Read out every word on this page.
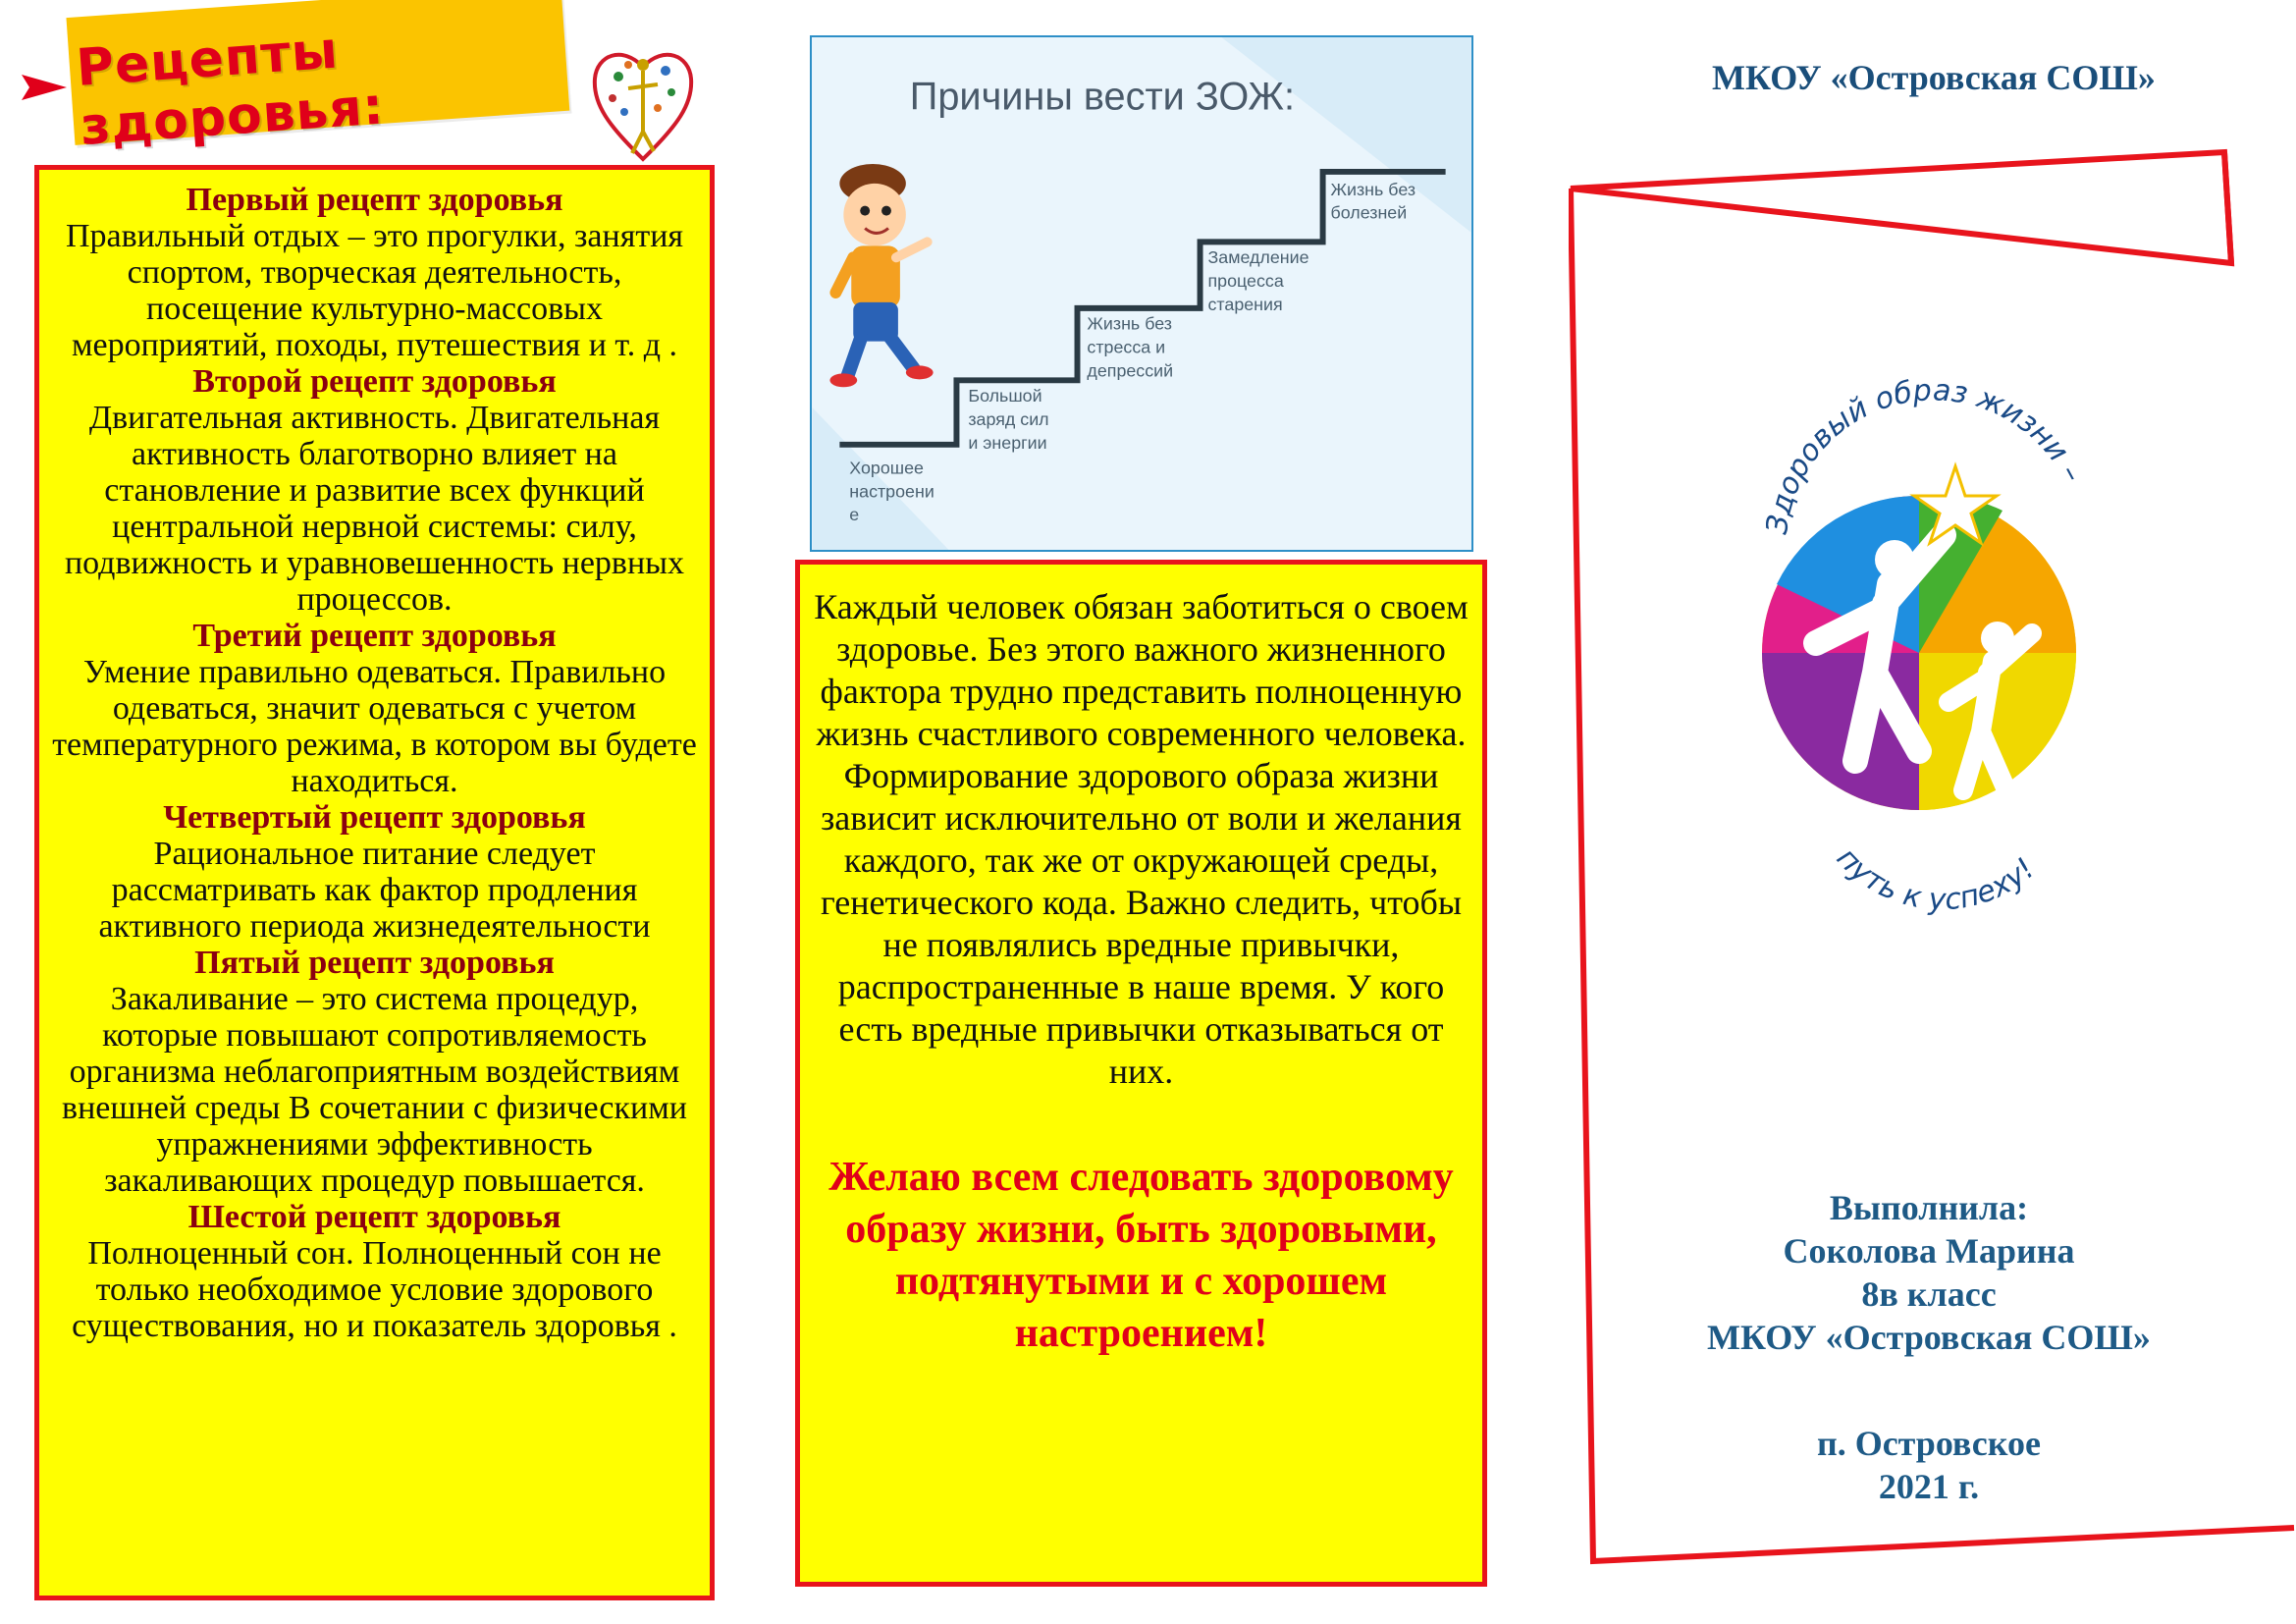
Рецепты здоровья:
Первый рецепт здоровья
Правильный отдых – это прогулки, занятия спортом, творческая деятельность, посещение культурно-массовых мероприятий, походы, путешествия и т. д .
Второй рецепт здоровья
Двигательная активность. Двигательная активность благотворно влияет на становление и развитие всех функций центральной нервной системы: силу, подвижность и уравновешенность нервных процессов.
Третий рецепт здоровья
Умение правильно одеваться. Правильно одеваться, значит одеваться с учетом температурного режима, в котором вы будете находиться.
Четвертый рецепт здоровья
Рациональное питание следует рассматривать как фактор продления активного периода жизнедеятельности
Пятый рецепт здоровья
Закаливание – это система процедур, которые повышают сопротивляемость организма неблагоприятным воздействиям внешней среды В сочетании с физическими упражнениями эффективность закаливающих процедур повышается.
Шестой рецепт здоровья
Полноценный сон. Полноценный сон не только необходимое условие здорового существования, но и показатель здоровья .
Причины вести ЗОЖ:
Хорошее
настроени
е
Большой
заряд сил
и энергии
Жизнь без
стресса и
депрессий
Замедление
процесса
старения
Жизнь без
болезней
Каждый человек обязан заботиться о своем здоровье. Без этого важного жизненного фактора трудно представить полноценную жизнь счастливого современного человека. Формирование здорового образа жизни зависит исключительно от воли и желания каждого, так же от окружающей среды, генетического кода. Важно следить, чтобы не появлялись вредные привычки, распространенные в наше время. У кого есть вредные привычки отказываться от них.
Желаю всем следовать здоровому образу жизни, быть здоровыми, подтянутыми и с хорошем настроением!
МКОУ «Островская СОШ»
Здоровый образ жизни –
путь к успеху!
Выполнила:
Соколова Марина
8в класс
МКОУ «Островская СОШ»
п. Островское
2021 г.
